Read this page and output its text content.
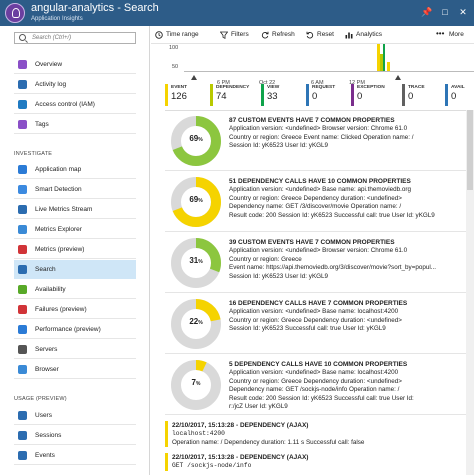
angular-analytics - Search
Application Insights
📌	□	✕
Search (Ctrl+/)
Overview
Activity log
Access control (IAM)
Tags
INVESTIGATE
Application map
Smart Detection
Live Metrics Stream
Metrics Explorer
Metrics (preview)
Search
Availability
Failures (preview)
Performance (preview)
Servers
Browser
USAGE (PREVIEW)
Users
Sessions
Events
Time range	Filters	Refresh	Reset	Analytics	••• More
100
50
6 PM	Oct 22	6 AM	12 PM
EVENT
126
DEPENDENCY
74
VIEW
33
REQUEST
0
EXCEPTION
0
TRACE
0
AVAIL
0
69%
87 CUSTOM EVENTS HAVE 7 COMMON PROPERTIES
Application version: <undefined> Browser version: Chrome 61.0
Country or region: Greece Event name: Clicked Operation name: /
Session Id: yK6523 User Id: yKGL9
69%
51 DEPENDENCY CALLS HAVE 10 COMMON PROPERTIES
Application version: <undefined> Base name: api.themoviedb.org
Country or region: Greece Dependency duration: <undefined>
Dependency name: GET /3/discover/movie Operation name: /
Result code: 200 Session Id: yK6523 Successful call: true User Id: yKGL9
31%
39 CUSTOM EVENTS HAVE 7 COMMON PROPERTIES
Application version: <undefined> Browser version: Chrome 61.0
Country or region: Greece
Event name: https://api.themoviedb.org/3/discover/movie?sort_by=popul...
Session Id: yK6523 User Id: yKGL9
22%
16 DEPENDENCY CALLS HAVE 7 COMMON PROPERTIES
Application version: <undefined> Base name: localhost:4200
Country or region: Greece Dependency duration: <undefined>
Session Id: yK6523 Successful call: true User Id: yKGL9
7%
5 DEPENDENCY CALLS HAVE 10 COMMON PROPERTIES
Application version: <undefined> Base name: localhost:4200
Country or region: Greece Dependency duration: <undefined>
Dependency name: GET /sockjs-node/info Operation name: /
Result code: 200 Session Id: yK6523 Successful call: true User Id:
r:/jcZ User Id: yKGL9
22/10/2017, 15:13:28 - DEPENDENCY (AJAX)
localhost:4200
Operation name: / Dependency duration: 1.11 s Successful call: false
22/10/2017, 15:13:28 - DEPENDENCY (AJAX)
GET /sockjs-node/info
